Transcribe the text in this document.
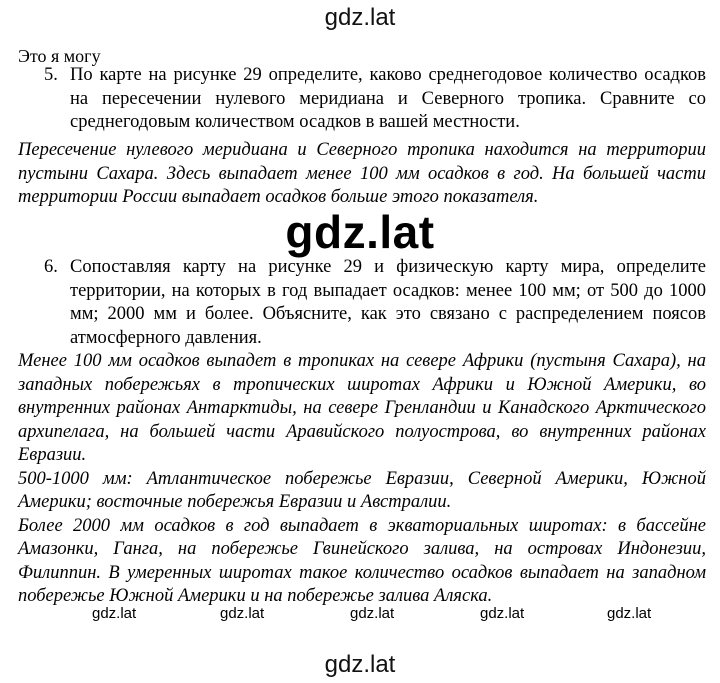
gdz.lat
Это я могу
5. По карте на рисунке 29 определите, каково среднегодовое количество осадков на пересечении нулевого меридиана и Северного тропика. Сравните со среднегодовым количеством осадков в вашей местности.
Пересечение нулевого меридиана и Северного тропика находится на территории пустыни Сахара. Здесь выпадает менее 100 мм осадков в год. На большей части территории России выпадает осадков больше этого показателя.
gdz.lat
6. Сопоставляя карту на рисунке 29 и физическую карту мира, определите территории, на которых в год выпадает осадков: менее 100 мм; от 500 до 1000 мм; 2000 мм и более. Объясните, как это связано с распределением поясов атмосферного давления.

Менее 100 мм осадков выпадет в тропиках на севере Африки (пустыня Сахара), на западных побережьях в тропических широтах Африки и Южной Америки, во внутренних районах Антарктиды, на севере Гренландии и Канадского Арктического архипелага, на большей части Аравийского полуострова, во внутренних районах Евразии.

500-1000 мм: Атлантическое побережье Евразии, Северной Америки, Южной Америки; восточные побережья Евразии и Австралии.

Более 2000 мм осадков в год выпадает в экваториальных широтах: в бассейне Амазонки, Ганга, на побережье Гвинейского залива, на островах Индонезии, Филиппин. В умеренных широтах такое количество осадков выпадает на западном побережье Южной Америки и на побережье залива Аляска.

gdz.lat	gdz.lat	gdz.lat	gdz.lat	gdz.lat
gdz.lat
